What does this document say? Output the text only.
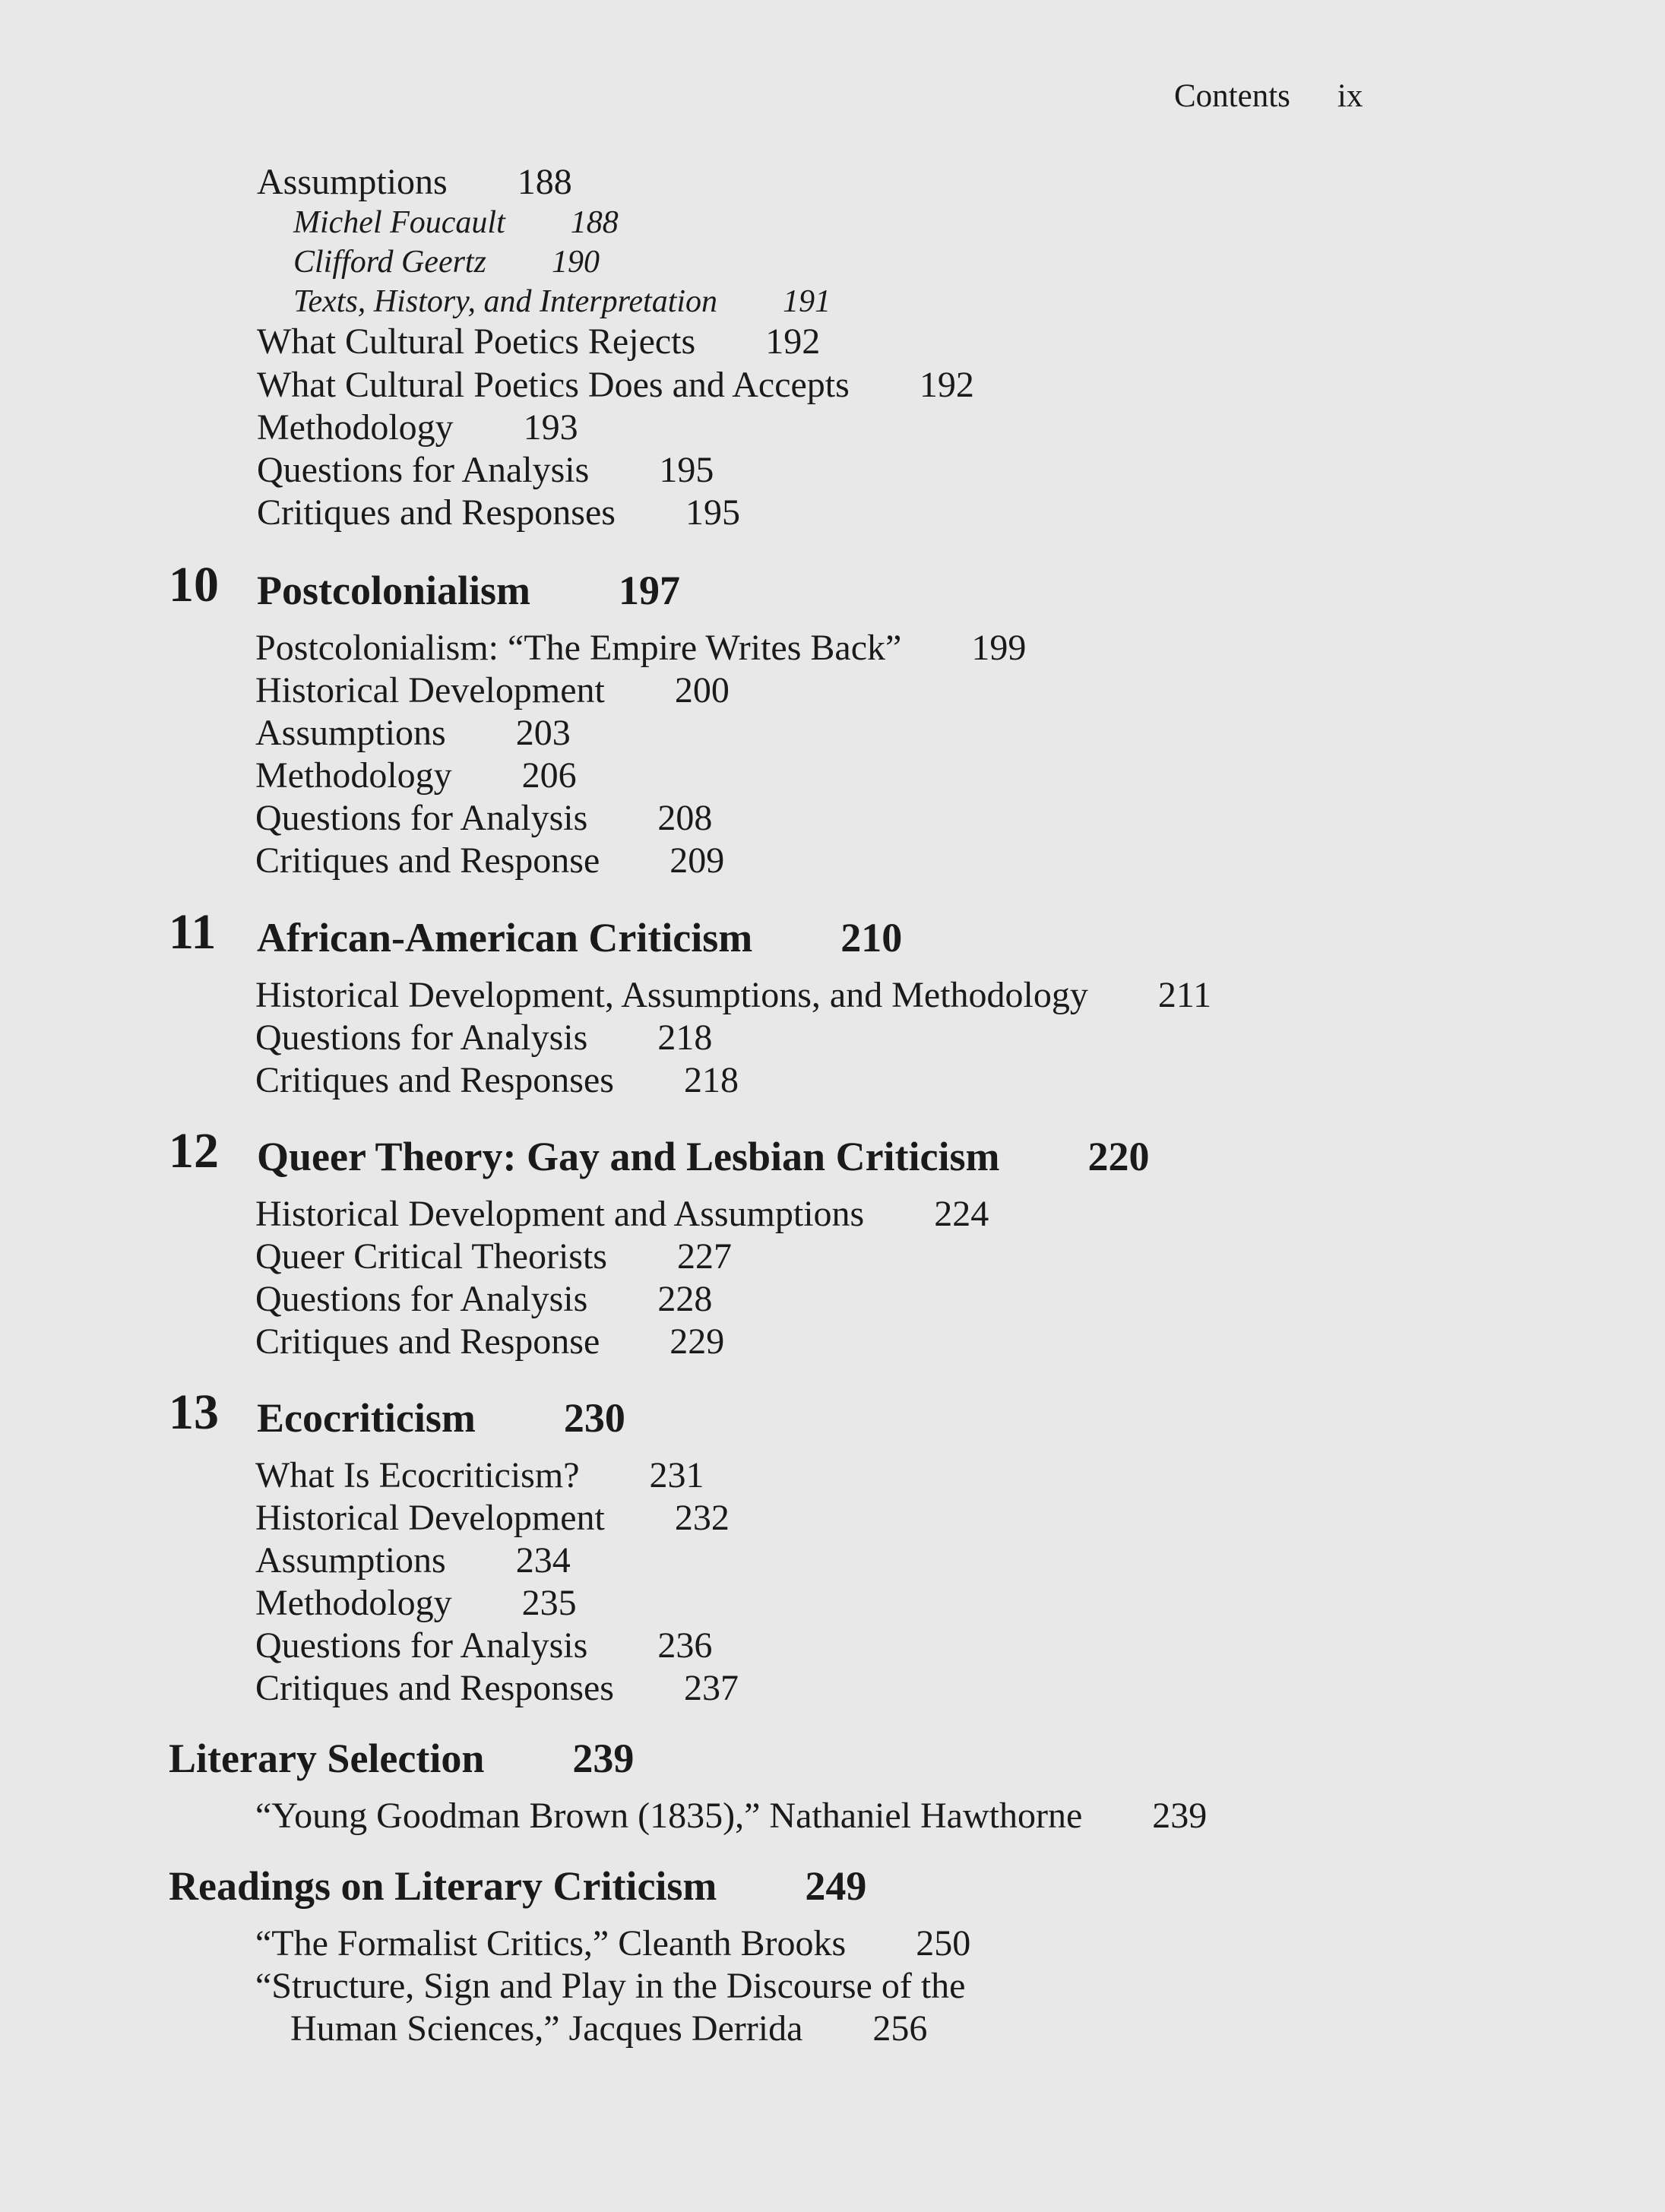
Contents ix
Assumptions 188
Michel Foucault 188
Clifford Geertz 190
Texts, History, and Interpretation 191
What Cultural Poetics Rejects 192
What Cultural Poetics Does and Accepts 192
Methodology 193
Questions for Analysis 195
Critiques and Responses 195
10 Postcolonialism 197
Postcolonialism: “The Empire Writes Back” 199
Historical Development 200
Assumptions 203
Methodology 206
Questions for Analysis 208
Critiques and Response 209
11 African-American Criticism 210
Historical Development, Assumptions, and Methodology 211
Questions for Analysis 218
Critiques and Responses 218
12 Queer Theory: Gay and Lesbian Criticism 220
Historical Development and Assumptions 224
Queer Critical Theorists 227
Questions for Analysis 228
Critiques and Response 229
13 Ecocriticism 230
What Is Ecocriticism? 231
Historical Development 232
Assumptions 234
Methodology 235
Questions for Analysis 236
Critiques and Responses 237
Literary Selection 239
“Young Goodman Brown (1835),” Nathaniel Hawthorne 239
Readings on Literary Criticism 249
“The Formalist Critics,” Cleanth Brooks 250
“Structure, Sign and Play in the Discourse of the
Human Sciences,” Jacques Derrida 256
